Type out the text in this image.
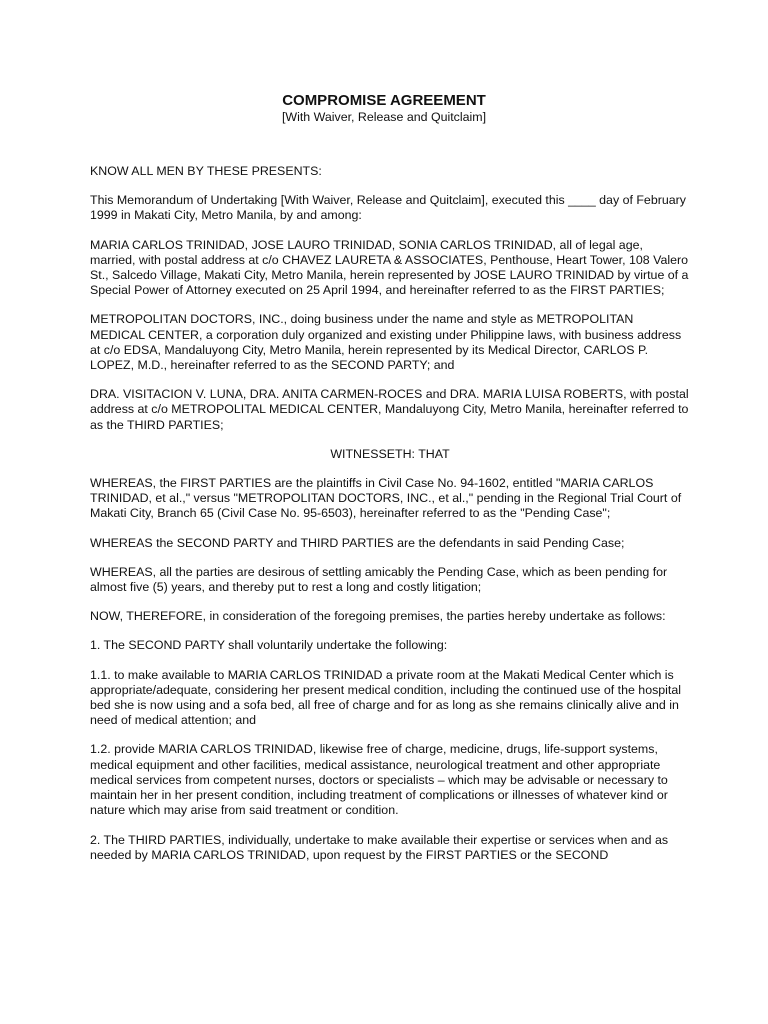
COMPROMISE AGREEMENT
[With Waiver, Release and Quitclaim]

KNOW ALL MEN BY THESE PRESENTS:

This Memorandum of Undertaking [With Waiver, Release and Quitclaim], executed this ____ day of February 1999 in Makati City, Metro Manila, by and among:

MARIA CARLOS TRINIDAD, JOSE LAURO TRINIDAD, SONIA CARLOS TRINIDAD, all of legal age, married, with postal address at c/o CHAVEZ LAURETA & ASSOCIATES, Penthouse, Heart Tower, 108 Valero St., Salcedo Village, Makati City, Metro Manila, herein represented by JOSE LAURO TRINIDAD by virtue of a Special Power of Attorney executed on 25 April 1994, and hereinafter referred to as the FIRST PARTIES;

METROPOLITAN DOCTORS, INC., doing business under the name and style as METROPOLITAN MEDICAL CENTER, a corporation duly organized and existing under Philippine laws, with business address at c/o EDSA, Mandaluyong City, Metro Manila, herein represented by its Medical Director, CARLOS P. LOPEZ, M.D., hereinafter referred to as the SECOND PARTY; and

DRA. VISITACION V. LUNA, DRA. ANITA CARMEN-ROCES and DRA. MARIA LUISA ROBERTS, with postal address at c/o METROPOLITAL MEDICAL CENTER, Mandaluyong City, Metro Manila, hereinafter referred to as the THIRD PARTIES;

WITNESSETH: THAT

WHEREAS, the FIRST PARTIES are the plaintiffs in Civil Case No. 94-1602, entitled "MARIA CARLOS TRINIDAD, et al.," versus "METROPOLITAN DOCTORS, INC., et al.," pending in the Regional Trial Court of Makati City, Branch 65 (Civil Case No. 95-6503), hereinafter referred to as the "Pending Case";

WHEREAS the SECOND PARTY and THIRD PARTIES are the defendants in said Pending Case;

WHEREAS, all the parties are desirous of settling amicably the Pending Case, which as been pending for almost five (5) years, and thereby put to rest a long and costly litigation;

NOW, THEREFORE, in consideration of the foregoing premises, the parties hereby undertake as follows:

1. The SECOND PARTY shall voluntarily undertake the following:

1.1. to make available to MARIA CARLOS TRINIDAD a private room at the Makati Medical Center which is appropriate/adequate, considering her present medical condition, including the continued use of the hospital bed she is now using and a sofa bed, all free of charge and for as long as she remains clinically alive and in need of medical attention; and

1.2. provide MARIA CARLOS TRINIDAD, likewise free of charge, medicine, drugs, life-support systems, medical equipment and other facilities, medical assistance, neurological treatment and other appropriate medical services from competent nurses, doctors or specialists – which may be advisable or necessary to maintain her in her present condition, including treatment of complications or illnesses of whatever kind or nature which may arise from said treatment or condition.

2. The THIRD PARTIES, individually, undertake to make available their expertise or services when and as needed by MARIA CARLOS TRINIDAD, upon request by the FIRST PARTIES or the SECOND
